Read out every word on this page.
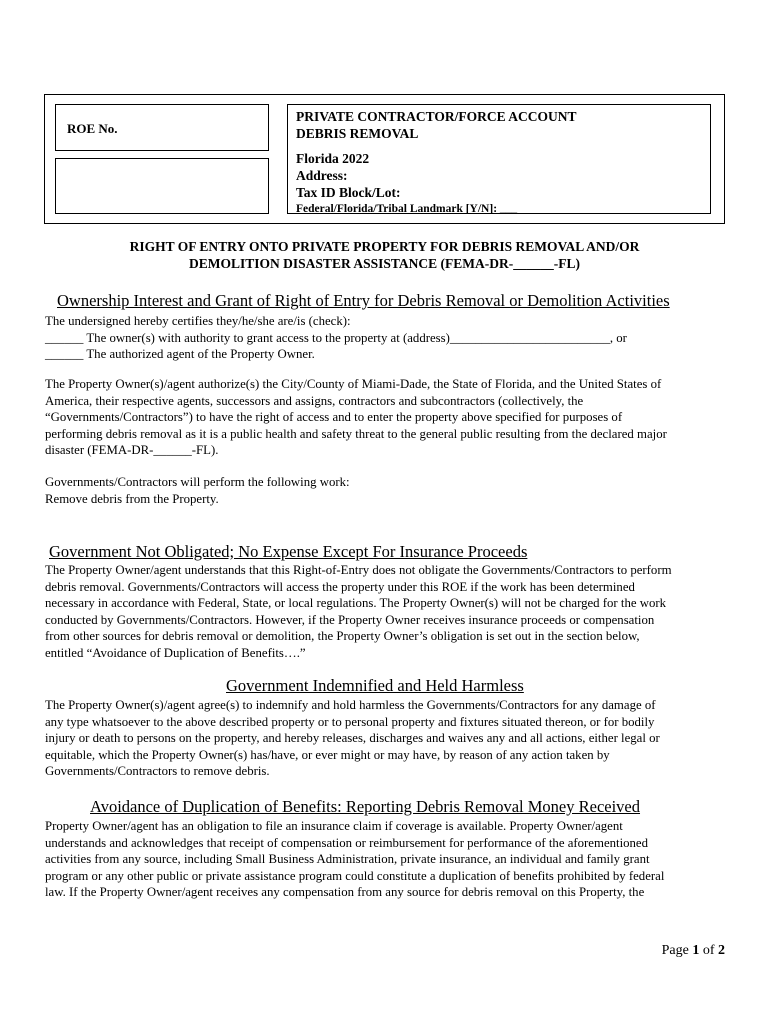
ROE No.
PRIVATE CONTRACTOR/FORCE ACCOUNT
DEBRIS REMOVAL
Florida 2022
Address:
Tax ID Block/Lot:
Federal/Florida/Tribal Landmark [Y/N]: ___
RIGHT OF ENTRY ONTO PRIVATE PROPERTY FOR DEBRIS REMOVAL AND/OR
DEMOLITION DISASTER ASSISTANCE (FEMA-DR-______-FL)
Ownership Interest and Grant of Right of Entry for Debris Removal or Demolition Activities
The undersigned hereby certifies they/he/she are/is (check):
______ The owner(s) with authority to grant access to the property at (address)_________________________, or
______ The authorized agent of the Property Owner.
The Property Owner(s)/agent authorize(s) the City/County of Miami-Dade, the State of Florida, and the United States of
America, their respective agents, successors and assigns, contractors and subcontractors (collectively, the
“Governments/Contractors”) to have the right of access and to enter the property above specified for purposes of
performing debris removal as it is a public health and safety threat to the general public resulting from the declared major
disaster (FEMA-DR-______-FL).
Governments/Contractors will perform the following work:
Remove debris from the Property.
Government Not Obligated; No Expense Except For Insurance Proceeds
The Property Owner/agent understands that this Right-of-Entry does not obligate the Governments/Contractors to perform
debris removal. Governments/Contractors will access the property under this ROE if the work has been determined
necessary in accordance with Federal, State, or local regulations. The Property Owner(s) will not be charged for the work
conducted by Governments/Contractors. However, if the Property Owner receives insurance proceeds or compensation
from other sources for debris removal or demolition, the Property Owner’s obligation is set out in the section below,
entitled “Avoidance of Duplication of Benefits….”
Government Indemnified and Held Harmless
The Property Owner(s)/agent agree(s) to indemnify and hold harmless the Governments/Contractors for any damage of
any type whatsoever to the above described property or to personal property and fixtures situated thereon, or for bodily
injury or death to persons on the property, and hereby releases, discharges and waives any and all actions, either legal or
equitable, which the Property Owner(s) has/have, or ever might or may have, by reason of any action taken by
Governments/Contractors to remove debris.
Avoidance of Duplication of Benefits: Reporting Debris Removal Money Received
Property Owner/agent has an obligation to file an insurance claim if coverage is available. Property Owner/agent
understands and acknowledges that receipt of compensation or reimbursement for performance of the aforementioned
activities from any source, including Small Business Administration, private insurance, an individual and family grant
program or any other public or private assistance program could constitute a duplication of benefits prohibited by federal
law. If the Property Owner/agent receives any compensation from any source for debris removal on this Property, the
Page 1 of 2
